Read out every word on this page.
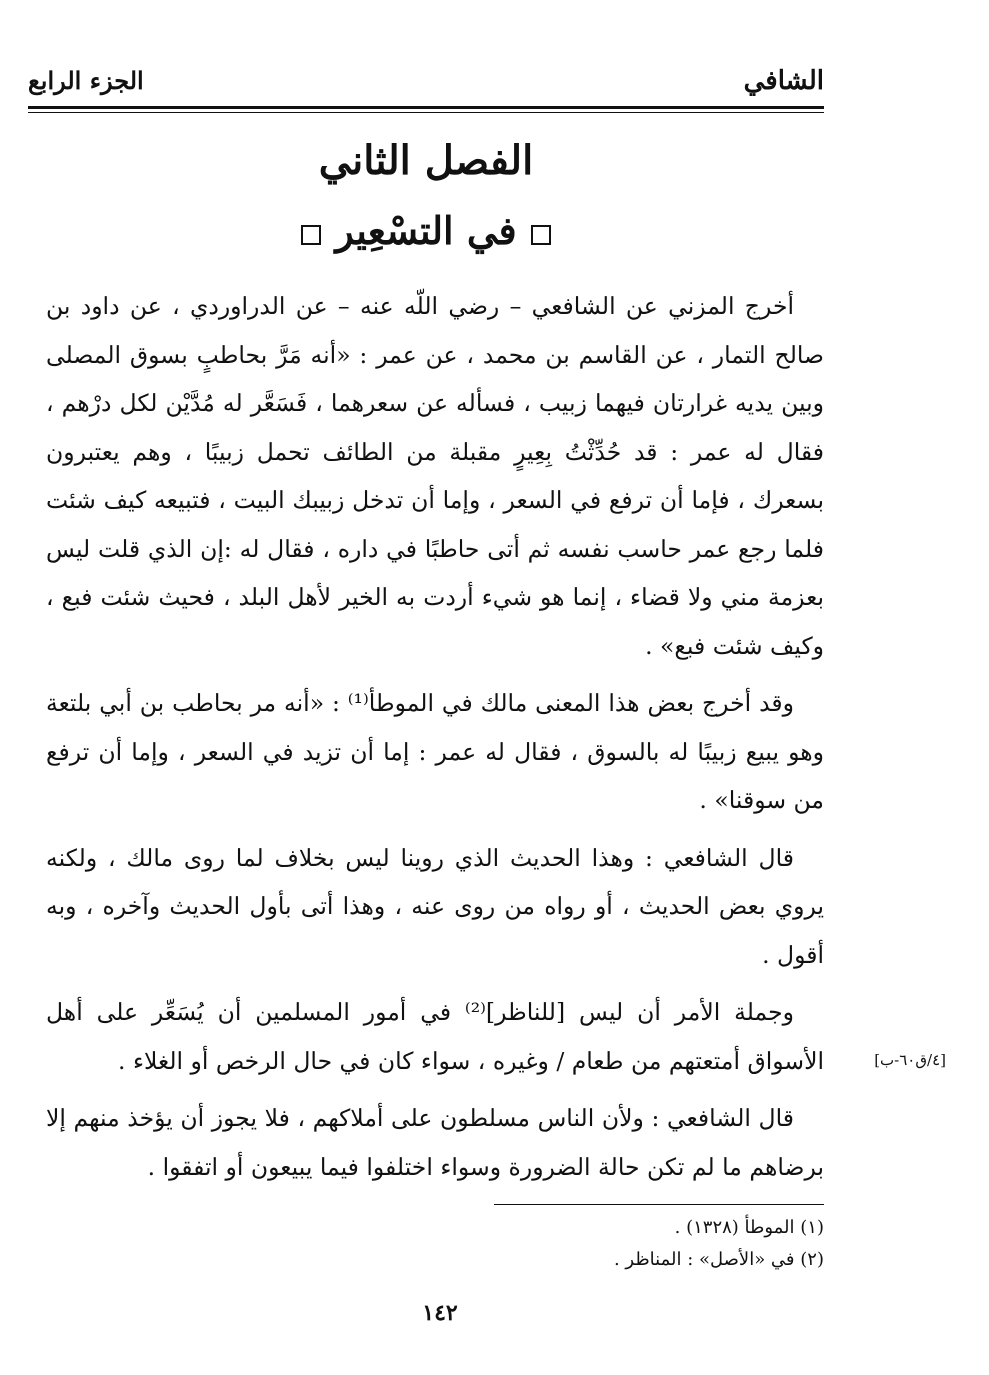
الشافي
الجزء الرابع
الفصل الثاني
في التسْعِير

أخرج المزني عن الشافعي – رضي اللّه عنه – عن الدراوردي ، عن داود بن صالح التمار ، عن القاسم بن محمد ، عن عمر : «أنه مَرَّ بحاطبٍ بسوق المصلى وبين يديه غرارتان فيهما زبيب ، فسأله عن سعرهما ، فَسَعَّر له مُدَّيْن لكل درْهم ، فقال له عمر : قد حُدِّثْتُ بِعِيرٍ مقبلة من الطائف تحمل زبيبًا ، وهم يعتبرون بسعرك ، فإما أن ترفع في السعر ، وإما أن تدخل زبيبك البيت ، فتبيعه كيف شئت فلما رجع عمر حاسب نفسه ثم أتى حاطبًا في داره ، فقال له :إن الذي قلت ليس بعزمة مني ولا قضاء ، إنما هو شيء أردت به الخير لأهل البلد ، فحيث شئت فبع ، وكيف شئت فبع» .

وقد أخرج بعض هذا المعنى مالك في الموطأ⁽¹⁾ : «أنه مر بحاطب بن أبي بلتعة وهو يبيع زبيبًا له بالسوق ، فقال له عمر : إما أن تزيد في السعر ، وإما أن ترفع من سوقنا» .

قال الشافعي : وهذا الحديث الذي روينا ليس بخلاف لما روى مالك ، ولكنه يروي بعض الحديث ، أو رواه من روى عنه ، وهذا أتى بأول الحديث وآخره ، وبه أقول .

وجملة الأمر أن ليس [للناظر]⁽²⁾ في أمور المسلمين أن يُسَعِّر على أهل الأسواق أمتعتهم من طعام / وغيره ، سواء كان في حال الرخص أو الغلاء .

قال الشافعي : ولأن الناس مسلطون على أملاكهم ، فلا يجوز أن يؤخذ منهم إلا برضاهم ما لم تكن حالة الضرورة وسواء اختلفوا فيما يبيعون أو اتفقوا .

[٤/ق٦٠-ب]
(١) الموطأ (١٣٢٨) .
(٢) في «الأصل» : المناظر .
١٤٢
